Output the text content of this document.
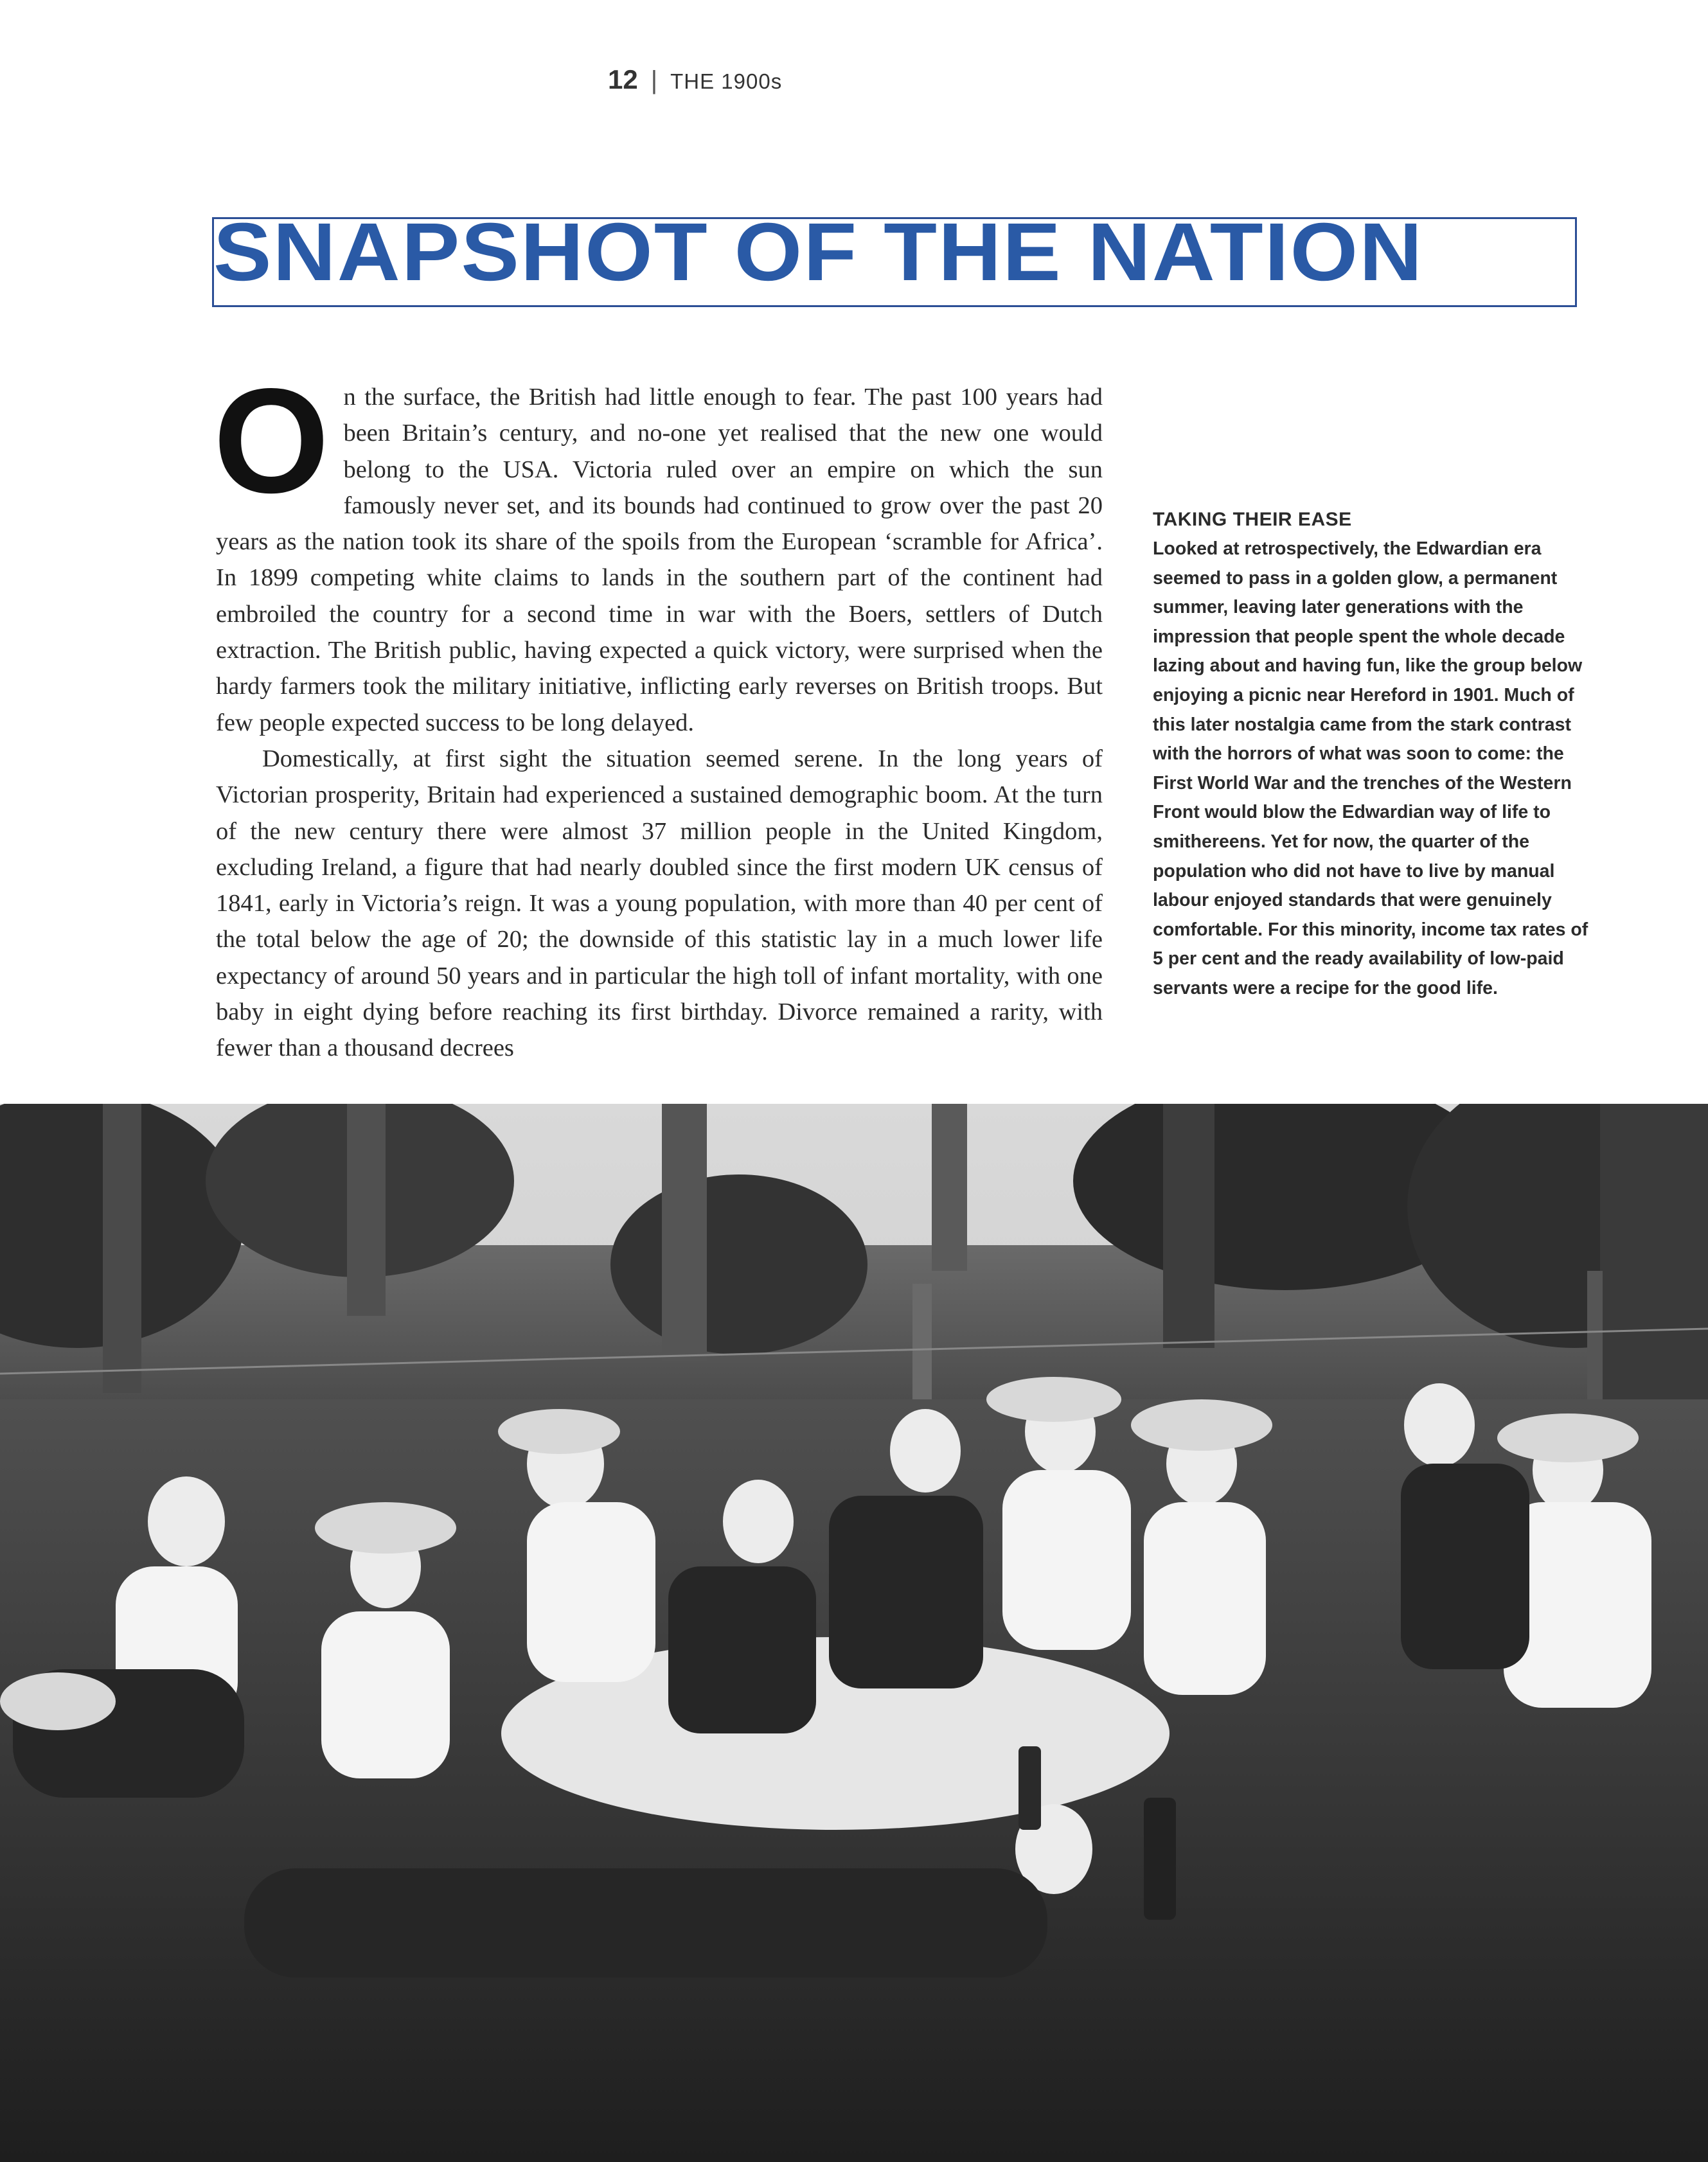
12 | THE 1900s
SNAPSHOT OF THE NATION

On the surface, the British had little enough to fear. The past 100 years had been Britain’s century, and no-one yet realised that the new one would belong to the USA. Victoria ruled over an empire on which the sun famously never set, and its bounds had continued to grow over the past 20 years as the nation took its share of the spoils from the European ‘scramble for Africa’. In 1899 competing white claims to lands in the southern part of the continent had embroiled the country for a second time in war with the Boers, settlers of Dutch extraction. The British public, having expected a quick victory, were surprised when the hardy farmers took the military initiative, inflicting early reverses on British troops. But few people expected success to be long delayed.

Domestically, at first sight the situation seemed serene. In the long years of Victorian prosperity, Britain had experienced a sustained demographic boom. At the turn of the new century there were almost 37 million people in the United Kingdom, excluding Ireland, a figure that had nearly doubled since the first modern UK census of 1841, early in Victoria’s reign. It was a young population, with more than 40 per cent of the total below the age of 20; the downside of this statistic lay in a much lower life expectancy of around 50 years and in particular the high toll of infant mortality, with one baby in eight dying before reaching its first birthday. Divorce remained a rarity, with fewer than a thousand decrees

TAKING THEIR EASE

Looked at retrospectively, the Edwardian era seemed to pass in a golden glow, a permanent summer, leaving later generations with the impression that people spent the whole decade lazing about and having fun, like the group below enjoying a picnic near Hereford in 1901. Much of this later nostalgia came from the stark contrast with the horrors of what was soon to come: the First World War and the trenches of the Western Front would blow the Edwardian way of life to smithereens. Yet for now, the quarter of the population who did not have to live by manual labour enjoyed standards that were genuinely comfortable. For this minority, income tax rates of 5 per cent and the ready availability of low-paid servants were a recipe for the good life.
